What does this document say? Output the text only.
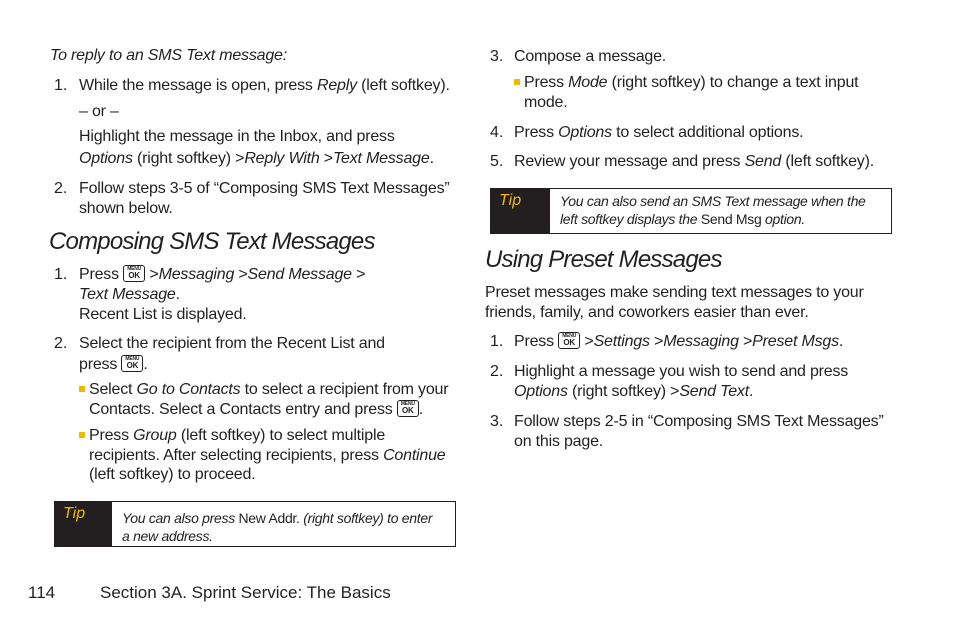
To reply to an SMS Text message:
1. While the message is open, press Reply (left softkey).
– or –
Highlight the message in the Inbox, and press
Options (right softkey) >Reply With >Text Message.
2. Follow steps 3-5 of “Composing SMS Text Messages”
shown below.
Composing SMS Text Messages
1. Press MENU
OK >Messaging >Send Message >
Text Message.
Recent List is displayed.
2. Select the recipient from the Recent List and
press MENU
OK .
Select Go to Contacts to select a recipient from your
Contacts. Select a Contacts entry and press MENU
OK .
Press Group (left softkey) to select multiple
recipients. After selecting recipients, press Continue
(left softkey) to proceed.
Tip	You can also press New Addr. (right softkey) to enter
a new address.
3. Compose a message.
Press Mode (right softkey) to change a text input
mode.
4. Press Options to select additional options.
5. Review your message and press Send (left softkey).
Tip	You can also send an SMS Text message when the
left softkey displays the Send Msg option.
Using Preset Messages
Preset messages make sending text messages to your
friends, family, and coworkers easier than ever.
1. Press MENU
OK >Settings >Messaging >Preset Msgs.
2. Highlight a message you wish to send and press
Options (right softkey) >Send Text.
3. Follow steps 2-5 in “Composing SMS Text Messages”
on this page.
114	Section 3A. Sprint Service: The Basics
